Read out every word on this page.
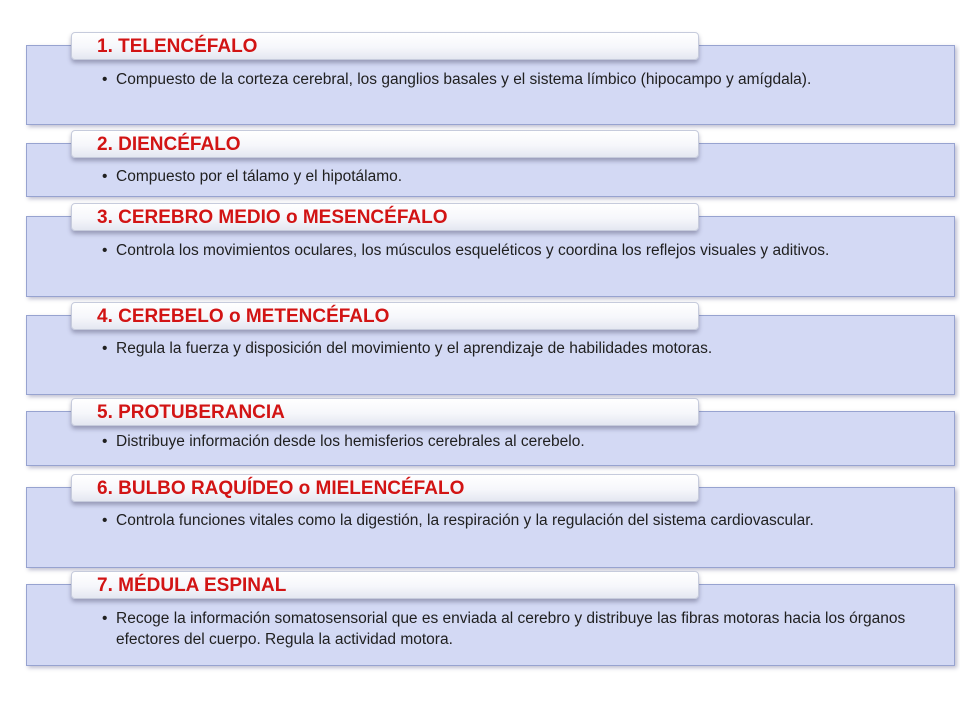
1. TELENCÉFALO
• Compuesto de la corteza cerebral, los ganglios basales y el sistema límbico (hipocampo y amígdala).
2. DIENCÉFALO
• Compuesto por el tálamo y el hipotálamo.
3. CEREBRO MEDIO o MESENCÉFALO
• Controla los movimientos oculares, los músculos esqueléticos y coordina los reflejos visuales y aditivos.
4. CEREBELO o METENCÉFALO
• Regula la fuerza y disposición del movimiento y el aprendizaje de habilidades motoras.
5. PROTUBERANCIA
• Distribuye información desde los hemisferios cerebrales al cerebelo.
6. BULBO RAQUÍDEO o MIELENCÉFALO
• Controla funciones vitales como la digestión, la respiración y la regulación del sistema cardiovascular.
7. MÉDULA ESPINAL
• Recoge la información somatosensorial que es enviada al cerebro y distribuye las fibras motoras hacia los órganos efectores del cuerpo. Regula la actividad motora.
